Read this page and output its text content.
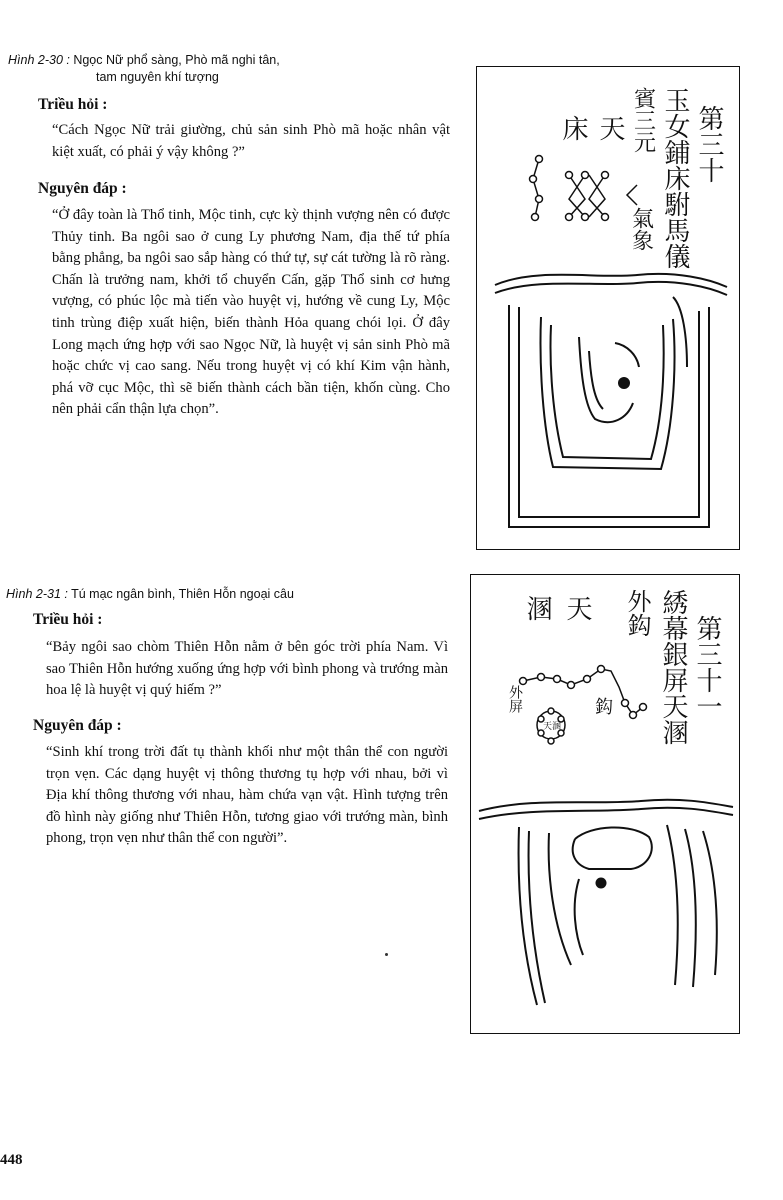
Hình 2-30 : Ngọc Nữ phổ sàng, Phò mã nghi tân,
tam nguyên khí tượng
Triều hỏi :
“Cách Ngọc Nữ trải giường, chủ sản sinh Phò mã hoặc nhân vật kiệt xuất, có phải ý vậy không ?”
Nguyên đáp :
“Ở đây toàn là Thổ tinh, Mộc tinh, cực kỳ thịnh vượng nên có được Thủy tinh. Ba ngôi sao ở cung Ly phương Nam, địa thế tứ phía bằng phẳng, ba ngôi sao sắp hàng có thứ tự, sự cát tường là rõ ràng. Chấn là trưởng nam, khởi tổ chuyển Cấn, gặp Thổ sinh cơ hưng vượng, có phúc lộc mà tiến vào huyệt vị, hướng về cung Ly, Mộc tinh trùng điệp xuất hiện, biến thành Hỏa quang chói lọi. Ở đây Long mạch ứng hợp với sao Ngọc Nữ, là huyệt vị sản sinh Phò mã hoặc chức vị cao sang. Nếu trong huyệt vị có khí Kim vận hành, phá vỡ cục Mộc, thì sẽ biến thành cách bần tiện, khốn cùng. Cho nên phải cẩn thận lựa chọn”.
第三十
玉女鋪床駙馬儀
賓三元
氣象
天
床
Hình 2-31 : Tú mạc ngân bình, Thiên Hỗn ngoại câu
Triều hỏi :
“Bảy ngôi sao chòm Thiên Hỗn nằm ở bên góc trời phía Nam. Vì sao Thiên Hỗn hướng xuống ứng hợp với bình phong và trướng màn hoa lệ là huyệt vị quý hiếm ?”
Nguyên đáp :
“Sinh khí trong trời đất tụ thành khối như một thân thể con người trọn vẹn. Các dạng huyệt vị thông thương tụ hợp với nhau, bởi vì Địa khí thông thương với nhau, hàm chứa vạn vật. Hình tượng trên đồ hình này giống như Thiên Hỗn, tương giao với trướng màn, bình phong, trọn vẹn như thân thể con người”.
第三十一
綉幕銀屏天溷
外鈎
天
溷
外屏	鈎
天溷
448
